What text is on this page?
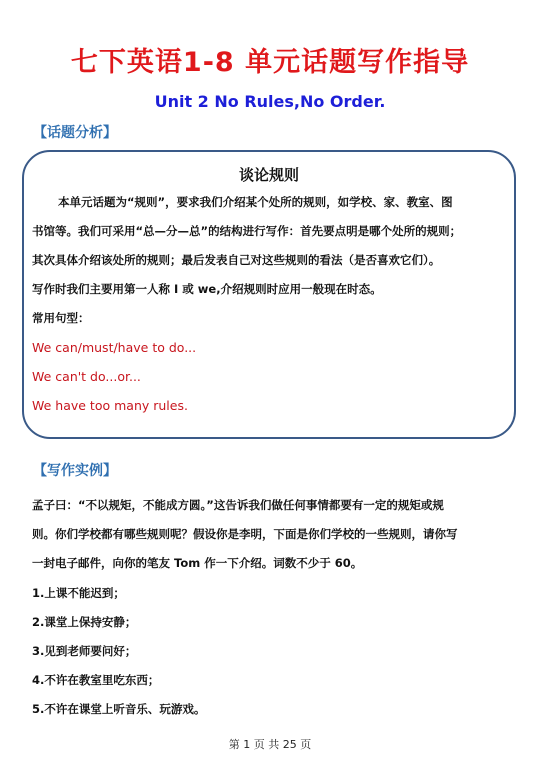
七下英语1-8 单元话题写作指导
Unit 2 No Rules,No Order.
【话题分析】
谈论规则
本单元话题为“规则”，要求我们介绍某个处所的规则，如学校、家、教室、图
书馆等。我们可采用“总—分—总”的结构进行写作：首先要点明是哪个处所的规则；
其次具体介绍该处所的规则；最后发表自己对这些规则的看法（是否喜欢它们）。
写作时我们主要用第一人称 I 或 we,介绍规则时应用一般现在时态。
常用句型：
We can/must/have to do...
We can't do...or...
We have too many rules.
【写作实例】
孟子曰：“不以规矩，不能成方圆。”这告诉我们做任何事情都要有一定的规矩或规
则。你们学校都有哪些规则呢？假设你是李明，下面是你们学校的一些规则，请你写
一封电子邮件，向你的笔友 Tom 作一下介绍。词数不少于 60。
1.上课不能迟到；
2.课堂上保持安静；
3.见到老师要问好；
4.不许在教室里吃东西；
5.不许在课堂上听音乐、玩游戏。
第 1 页 共 25 页
